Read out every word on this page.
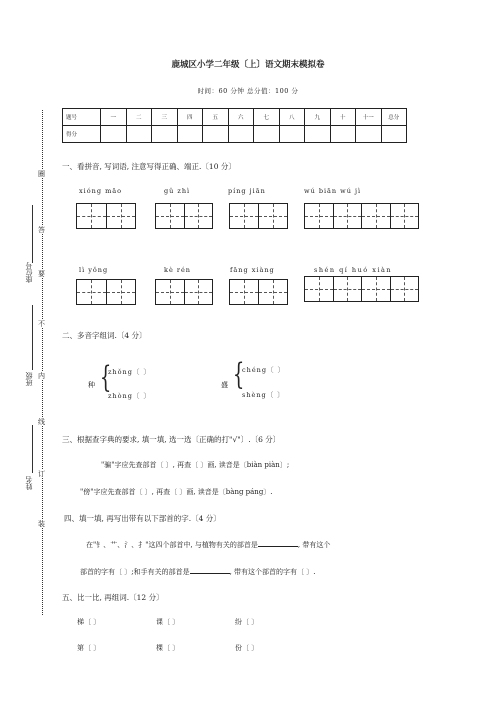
鹿城区小学二年级〔上〕语文期末模拟卷
时间：60 分钟 总分值：100 分
题号	一	二	三	四	五	六	七	八	九	十	十一	总分
得分												
圈
答
要
不
内
线
订
装
座位号
班级
姓名
一、看拼音, 写词语, 注意写得正确、端正.〔10 分〕
xióng māo	gǔ zhì	píng jiān	wú biān wú jì
lì yǒng	kè rén	fāng xiàng	shén qí huó xiàn
二、多音字组词.〔4 分〕
种 {
zhǒng〔 〕
zhòng〔 〕
盛 {
chéng〔 〕
shèng〔 〕
三、根据查字典的要求, 填一填, 选一选〔正确的打"√"〕.〔6 分〕
"骗"字应先查部首〔 〕, 再查〔 〕画, 读音是〔biàn piàn〕;
"傍"字应先查部首〔 〕, 再查〔 〕画, 读音是〔bàng páng〕.
四、填一填, 再写出带有以下部首的字.〔4 分〕
在"钅、艹、氵、扌"这四个部首中, 与植物有关的部首是	, 带有这个
部首的字有〔 〕;和手有关的部首是	, 带有这个部首的字有〔 〕.
五、比一比, 再组词.〔12 分〕
梯〔 〕	课〔 〕	纷〔 〕
第〔 〕	棵〔 〕	份〔 〕
